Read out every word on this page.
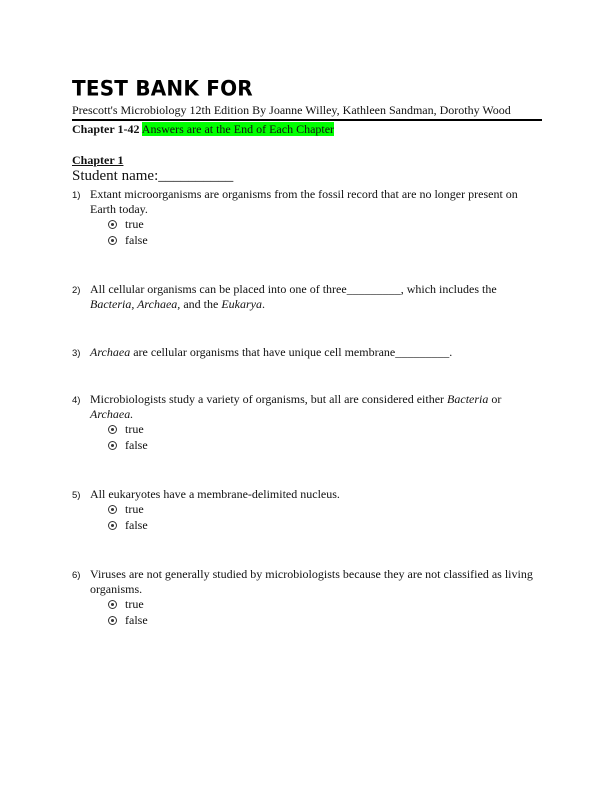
TEST BANK FOR
Prescott's Microbiology 12th Edition By Joanne Willey, Kathleen Sandman, Dorothy Wood
Chapter 1-42 Answers are at the End of Each Chapter
Chapter 1
Student name:__________
1) Extant microorganisms are organisms from the fossil record that are no longer present on Earth today.
true
false
2) All cellular organisms can be placed into one of three_________, which includes the
Bacteria, Archaea, and the Eukarya.
3) Archaea are cellular organisms that have unique cell membrane_________.
4) Microbiologists study a variety of organisms, but all are considered either Bacteria or
Archaea.
true
false
5) All eukaryotes have a membrane-delimited nucleus.
true
false
6) Viruses are not generally studied by microbiologists because they are not classified as living organisms.
true
false
